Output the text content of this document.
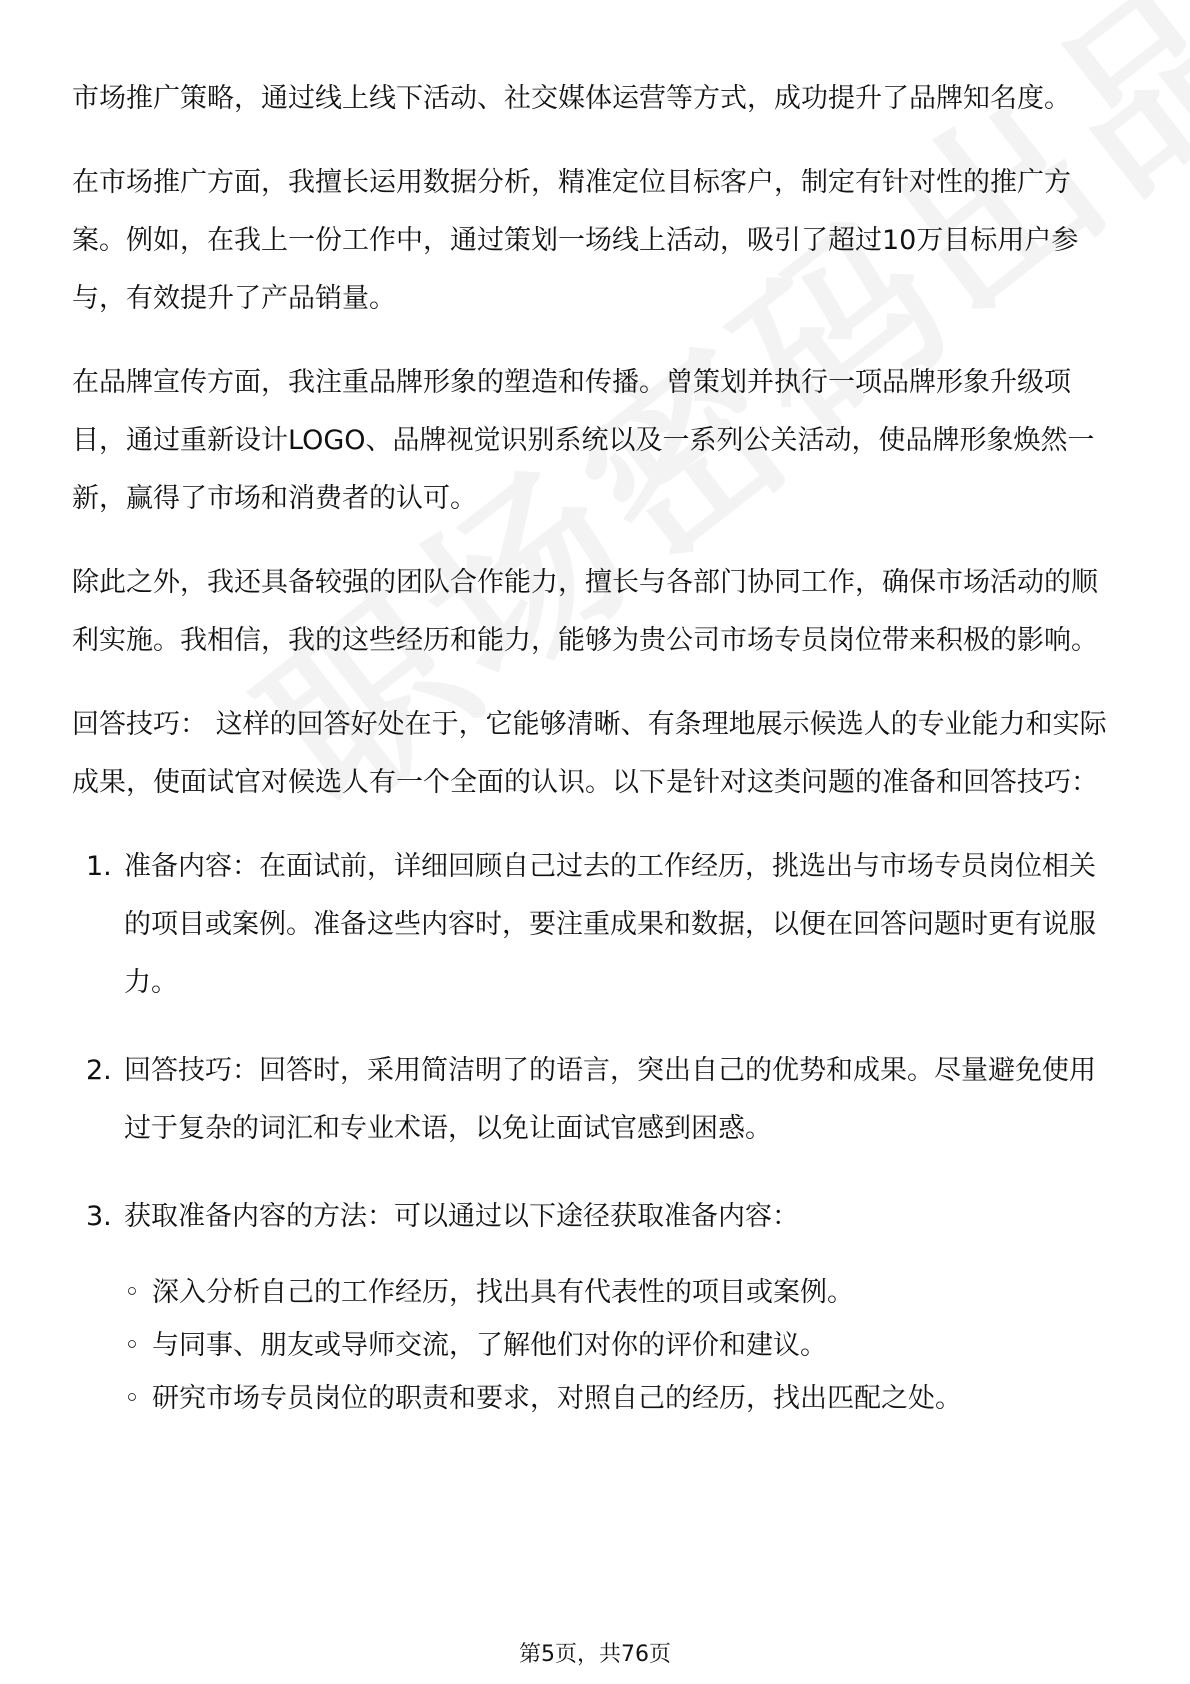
市场推广策略，通过线上线下活动、社交媒体运营等方式，成功提升了品牌知名度。

在市场推广方面，我擅长运用数据分析，精准定位目标客户，制定有针对性的推广方案。例如，在我上一份工作中，通过策划一场线上活动，吸引了超过10万目标用户参与，有效提升了产品销量。

在品牌宣传方面，我注重品牌形象的塑造和传播。曾策划并执行一项品牌形象升级项目，通过重新设计LOGO、品牌视觉识别系统以及一系列公关活动，使品牌形象焕然一新，赢得了市场和消费者的认可。

除此之外，我还具备较强的团队合作能力，擅长与各部门协同工作，确保市场活动的顺利实施。我相信，我的这些经历和能力，能够为贵公司市场专员岗位带来积极的影响。

回答技巧： 这样的回答好处在于，它能够清晰、有条理地展示候选人的专业能力和实际成果，使面试官对候选人有一个全面的认识。以下是针对这类问题的准备和回答技巧：

1. 准备内容：在面试前，详细回顾自己过去的工作经历，挑选出与市场专员岗位相关的项目或案例。准备这些内容时，要注重成果和数据，以便在回答问题时更有说服力。
2. 回答技巧：回答时，采用简洁明了的语言，突出自己的优势和成果。尽量避免使用过于复杂的词汇和专业术语，以免让面试官感到困惑。
3. 获取准备内容的方法：可以通过以下途径获取准备内容：
◦ 深入分析自己的工作经历，找出具有代表性的项目或案例。
◦ 与同事、朋友或导师交流，了解他们对你的评价和建议。
◦ 研究市场专员岗位的职责和要求，对照自己的经历，找出匹配之处。
第5页，共76页
